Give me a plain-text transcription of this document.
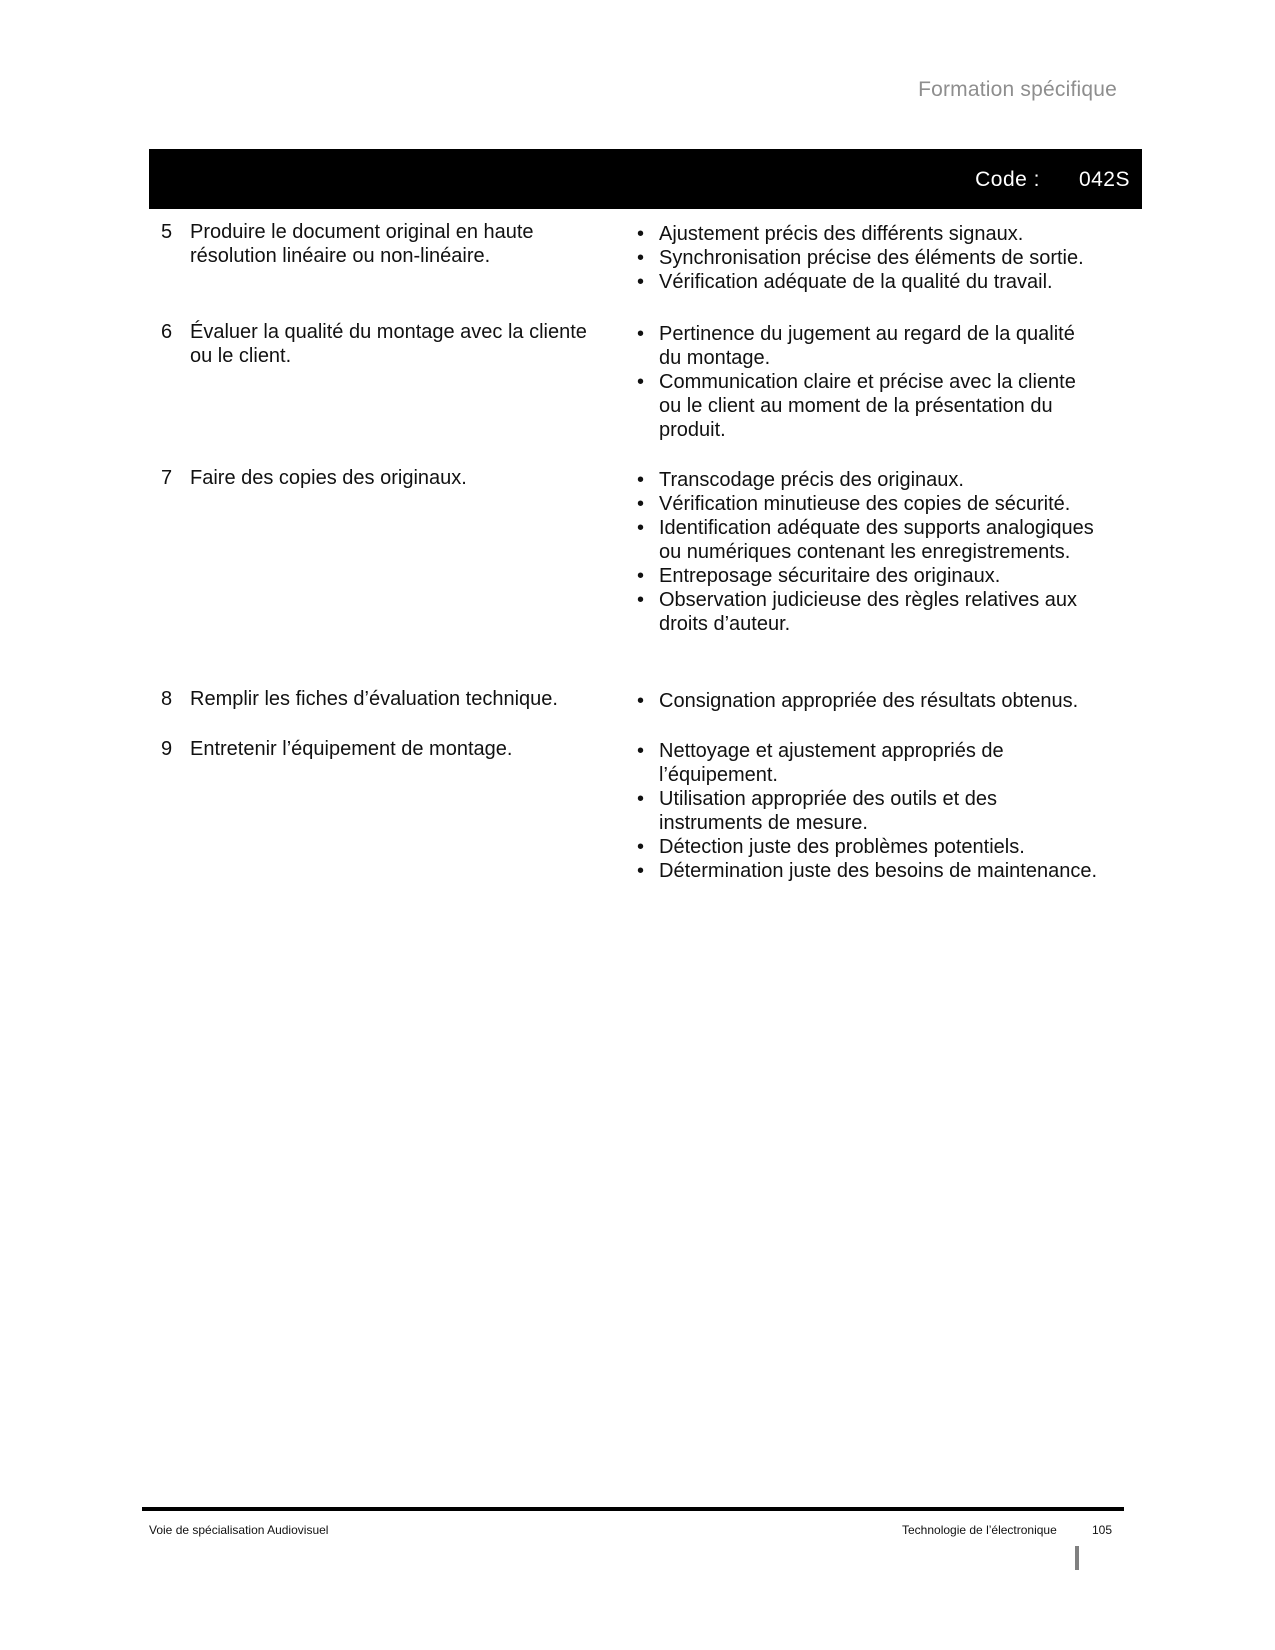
Formation spécifique
Code : 042S
5 Produire le document original en haute résolution linéaire ou non-linéaire.
• Ajustement précis des différents signaux.
• Synchronisation précise des éléments de sortie.
• Vérification adéquate de la qualité du travail.
6 Évaluer la qualité du montage avec la cliente ou le client.
• Pertinence du jugement au regard de la qualité du montage.
• Communication claire et précise avec la cliente ou le client au moment de la présentation du produit.
7 Faire des copies des originaux.	• Transcodage précis des originaux.
• Vérification minutieuse des copies de sécurité.
• Identification adéquate des supports analogiques ou numériques contenant les enregistrements.
• Entreposage sécuritaire des originaux.
• Observation judicieuse des règles relatives aux droits d’auteur.
8 Remplir les fiches d’évaluation technique.	• Consignation appropriée des résultats obtenus.
9 Entretenir l’équipement de montage.	• Nettoyage et ajustement appropriés de l’équipement.
• Utilisation appropriée des outils et des instruments de mesure.
• Détection juste des problèmes potentiels.
• Détermination juste des besoins de maintenance.
Voie de spécialisation Audiovisuel	Technologie de l’électronique	105
